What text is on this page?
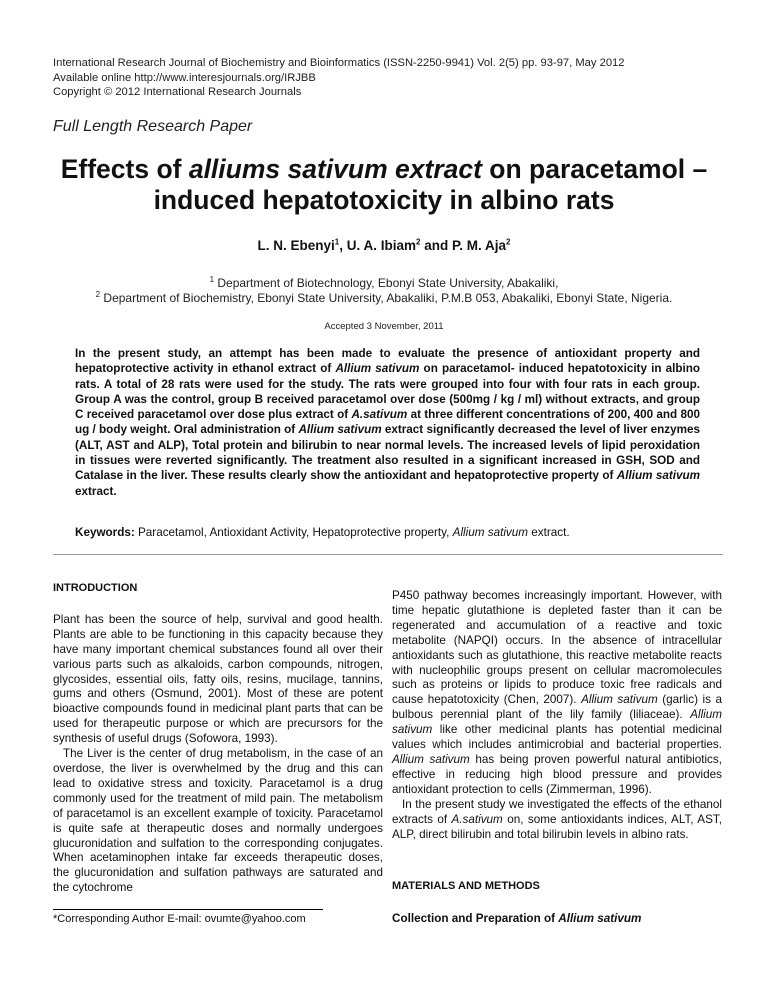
International Research Journal of Biochemistry and Bioinformatics (ISSN-2250-9941) Vol. 2(5) pp. 93-97, May 2012
Available online http://www.interesjournals.org/IRJBB
Copyright © 2012 International Research Journals
Full Length Research Paper
Effects of alliums sativum extract on paracetamol – induced hepatotoxicity in albino rats
L. N. Ebenyi$^1$, U. A. Ibiam$^2$ and P. M. Aja$^2$
$^1$ Department of Biotechnology, Ebonyi State University, Abakaliki,
$^2$ Department of Biochemistry, Ebonyi State University, Abakaliki, P.M.B 053, Abakaliki, Ebonyi State, Nigeria.
Accepted 3 November, 2011
In the present study, an attempt has been made to evaluate the presence of antioxidant property and hepatoprotective activity in ethanol extract of Allium sativum on paracetamol- induced hepatotoxicity in albino rats. A total of 28 rats were used for the study. The rats were grouped into four with four rats in each group. Group A was the control, group B received paracetamol over dose (500mg / kg / ml) without extracts, and group C received paracetamol over dose plus extract of A.sativum at three different concentrations of 200, 400 and 800 ug / body weight. Oral administration of Allium sativum extract significantly decreased the level of liver enzymes (ALT, AST and ALP), Total protein and bilirubin to near normal levels. The increased levels of lipid peroxidation in tissues were reverted significantly. The treatment also resulted in a significant increased in GSH, SOD and Catalase in the liver. These results clearly show the antioxidant and hepatoprotective property of Allium sativum extract.
Keywords: Paracetamol, Antioxidant Activity, Hepatoprotective property, Allium sativum extract.
INTRODUCTION

Plant has been the source of help, survival and good health. Plants are able to be functioning in this capacity because they have many important chemical substances found all over their various parts such as alkaloids, carbon compounds, nitrogen, glycosides, essential oils, fatty oils, resins, mucilage, tannins, gums and others (Osmund, 2001). Most of these are potent bioactive compounds found in medicinal plant parts that can be used for therapeutic purpose or which are precursors for the synthesis of useful drugs (Sofowora, 1993).

The Liver is the center of drug metabolism, in the case of an overdose, the liver is overwhelmed by the drug and this can lead to oxidative stress and toxicity. Paracetamol is a drug commonly used for the treatment of mild pain. The metabolism of paracetamol is an excellent example of toxicity. Paracetamol is quite safe at therapeutic doses and normally undergoes glucuronidation and sulfation to the corresponding conjugates. When acetaminophen intake far exceeds therapeutic doses, the glucuronidation and sulfation pathways are saturated and the cytochrome

P450 pathway becomes increasingly important. However, with time hepatic glutathione is depleted faster than it can be regenerated and accumulation of a reactive and toxic metabolite (NAPQI) occurs. In the absence of intracellular antioxidants such as glutathione, this reactive metabolite reacts with nucleophilic groups present on cellular macromolecules such as proteins or lipids to produce toxic free radicals and cause hepatotoxicity (Chen, 2007). Allium sativum (garlic) is a bulbous perennial plant of the lily family (liliaceae). Allium sativum like other medicinal plants has potential medicinal values which includes antimicrobial and bacterial properties. Allium sativum has being proven powerful natural antibiotics, effective in reducing high blood pressure and provides antioxidant protection to cells (Zimmerman, 1996).

In the present study we investigated the effects of the ethanol extracts of A.sativum on, some antioxidants indices, ALT, AST, ALP, direct bilirubin and total bilirubin levels in albino rats.

MATERIALS AND METHODS
Collection and Preparation of Allium sativum
*Corresponding Author E-mail: ovumte@yahoo.com
